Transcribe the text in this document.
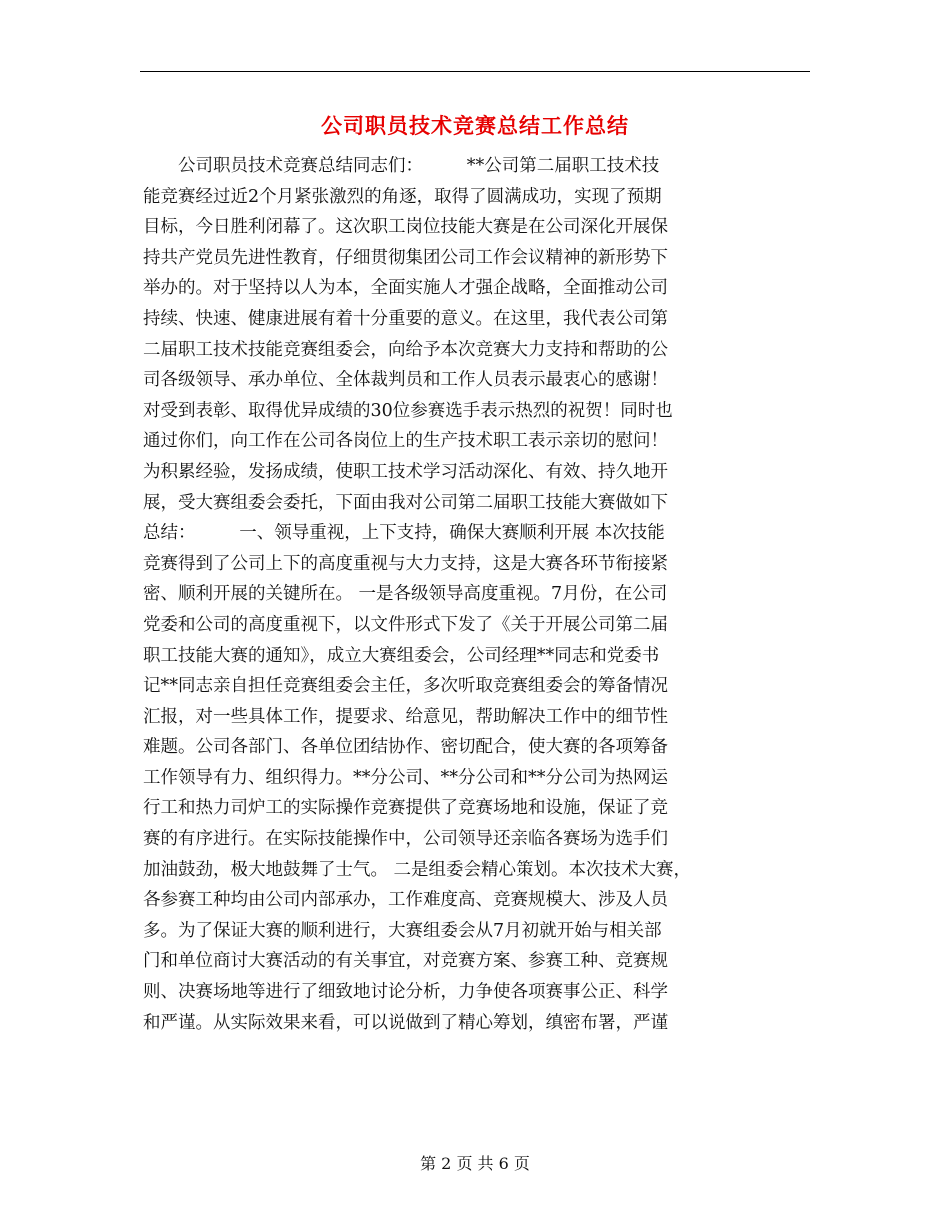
公司职员技术竞赛总结工作总结
　　公司职员技术竞赛总结同志们：　　　**公司第二届职工技术技
能竞赛经过近2个月紧张激烈的角逐，取得了圆满成功，实现了预期
目标，今日胜利闭幕了。这次职工岗位技能大赛是在公司深化开展保
持共产党员先进性教育，仔细贯彻集团公司工作会议精神的新形势下
举办的。对于坚持以人为本，全面实施人才强企战略，全面推动公司
持续、快速、健康进展有着十分重要的意义。在这里，我代表公司第
二届职工技术技能竞赛组委会，向给予本次竞赛大力支持和帮助的公
司各级领导、承办单位、全体裁判员和工作人员表示最衷心的感谢！
对受到表彰、取得优异成绩的30位参赛选手表示热烈的祝贺！同时也
通过你们，向工作在公司各岗位上的生产技术职工表示亲切的慰问！
为积累经验，发扬成绩，使职工技术学习活动深化、有效、持久地开
展，受大赛组委会委托，下面由我对公司第二届职工技能大赛做如下
总结：　　　一、领导重视，上下支持，确保大赛顺利开展 本次技能
竞赛得到了公司上下的高度重视与大力支持，这是大赛各环节衔接紧
密、顺利开展的关键所在。 一是各级领导高度重视。7月份，在公司
党委和公司的高度重视下，以文件形式下发了《关于开展公司第二届
职工技能大赛的通知》，成立大赛组委会，公司经理**同志和党委书
记**同志亲自担任竞赛组委会主任，多次听取竞赛组委会的筹备情况
汇报，对一些具体工作，提要求、给意见，帮助解决工作中的细节性
难题。公司各部门、各单位团结协作、密切配合，使大赛的各项筹备
工作领导有力、组织得力。**分公司、**分公司和**分公司为热网运
行工和热力司炉工的实际操作竞赛提供了竞赛场地和设施，保证了竞
赛的有序进行。在实际技能操作中，公司领导还亲临各赛场为选手们
加油鼓劲，极大地鼓舞了士气。 二是组委会精心策划。本次技术大赛，
各参赛工种均由公司内部承办，工作难度高、竞赛规模大、涉及人员
多。为了保证大赛的顺利进行，大赛组委会从7月初就开始与相关部
门和单位商讨大赛活动的有关事宜，对竞赛方案、参赛工种、竞赛规
则、决赛场地等进行了细致地讨论分析，力争使各项赛事公正、科学
和严谨。从实际效果来看，可以说做到了精心筹划，缜密布署，严谨
第 2 页 共 6 页
